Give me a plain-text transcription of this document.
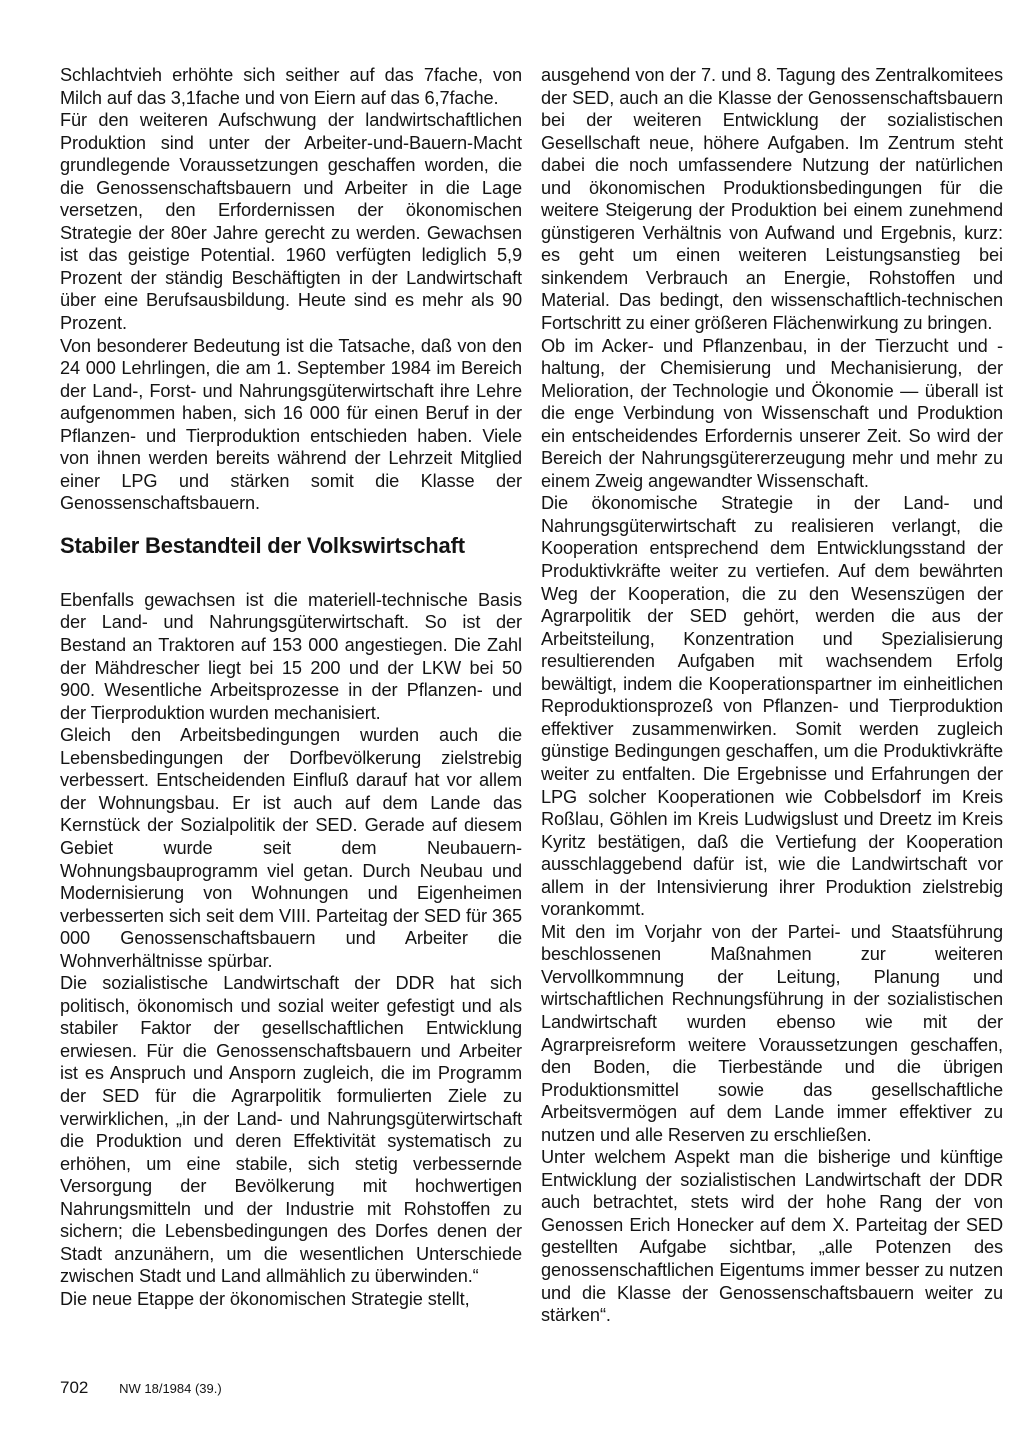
Schlachtvieh erhöhte sich seither auf das 7fache, von Milch auf das 3,1fache und von Eiern auf das 6,7fache.

Für den weiteren Aufschwung der landwirtschaftlichen Produktion sind unter der Arbeiter-und-Bauern-Macht grundlegende Voraussetzungen geschaffen worden, die die Genossenschaftsbauern und Arbeiter in die Lage versetzen, den Erfordernissen der ökonomischen Strategie der 80er Jahre gerecht zu werden. Gewachsen ist das geistige Potential. 1960 verfügten lediglich 5,9 Prozent der ständig Beschäftigten in der Landwirtschaft über eine Berufsausbildung. Heute sind es mehr als 90 Prozent.

Von besonderer Bedeutung ist die Tatsache, daß von den 24 000 Lehrlingen, die am 1. September 1984 im Bereich der Land-, Forst- und Nahrungsgüterwirtschaft ihre Lehre aufgenommen haben, sich 16 000 für einen Beruf in der Pflanzen- und Tierproduktion entschieden haben. Viele von ihnen werden bereits während der Lehrzeit Mitglied einer LPG und stärken somit die Klasse der Genossenschaftsbauern.

Stabiler Bestandteil der Volkswirtschaft

Ebenfalls gewachsen ist die materiell-technische Basis der Land- und Nahrungsgüterwirtschaft. So ist der Bestand an Traktoren auf 153 000 angestiegen. Die Zahl der Mähdrescher liegt bei 15 200 und der LKW bei 50 900. Wesentliche Arbeitsprozesse in der Pflanzen- und der Tierproduktion wurden mechanisiert.

Gleich den Arbeitsbedingungen wurden auch die Lebensbedingungen der Dorfbevölkerung zielstrebig verbessert. Entscheidenden Einfluß darauf hat vor allem der Wohnungsbau. Er ist auch auf dem Lande das Kernstück der Sozialpolitik der SED. Gerade auf diesem Gebiet wurde seit dem Neubauern-Wohnungsbauprogramm viel getan. Durch Neubau und Modernisierung von Wohnungen und Eigenheimen verbesserten sich seit dem VIII. Parteitag der SED für 365 000 Genossenschaftsbauern und Arbeiter die Wohnverhältnisse spürbar.

Die sozialistische Landwirtschaft der DDR hat sich politisch, ökonomisch und sozial weiter gefestigt und als stabiler Faktor der gesellschaftlichen Entwicklung erwiesen. Für die Genossenschaftsbauern und Arbeiter ist es Anspruch und Ansporn zugleich, die im Programm der SED für die Agrarpolitik formulierten Ziele zu verwirklichen, „in der Land- und Nahrungsgüterwirtschaft die Produktion und deren Effektivität systematisch zu erhöhen, um eine stabile, sich stetig verbessernde Versorgung der Bevölkerung mit hochwertigen Nahrungsmitteln und der Industrie mit Rohstoffen zu sichern; die Lebensbedingungen des Dorfes denen der Stadt anzunähern, um die wesentlichen Unterschiede zwischen Stadt und Land allmählich zu überwinden.“

Die neue Etappe der ökonomischen Strategie stellt,

ausgehend von der 7. und 8. Tagung des Zentralkomitees der SED, auch an die Klasse der Genossenschaftsbauern bei der weiteren Entwicklung der sozialistischen Gesellschaft neue, höhere Aufgaben. Im Zentrum steht dabei die noch umfassendere Nutzung der natürlichen und ökonomischen Produktionsbedingungen für die weitere Steigerung der Produktion bei einem zunehmend günstigeren Verhältnis von Aufwand und Ergebnis, kurz: es geht um einen weiteren Leistungsanstieg bei sinkendem Verbrauch an Energie, Rohstoffen und Material. Das bedingt, den wissenschaftlich-technischen Fortschritt zu einer größeren Flächenwirkung zu bringen.

Ob im Acker- und Pflanzenbau, in der Tierzucht und -haltung, der Chemisierung und Mechanisierung, der Melioration, der Technologie und Ökonomie — überall ist die enge Verbindung von Wissenschaft und Produktion ein entscheidendes Erfordernis unserer Zeit. So wird der Bereich der Nahrungsgütererzeugung mehr und mehr zu einem Zweig angewandter Wissenschaft.

Die ökonomische Strategie in der Land- und Nahrungsgüterwirtschaft zu realisieren verlangt, die Kooperation entsprechend dem Entwicklungsstand der Produktivkräfte weiter zu vertiefen. Auf dem bewährten Weg der Kooperation, die zu den Wesenszügen der Agrarpolitik der SED gehört, werden die aus der Arbeitsteilung, Konzentration und Spezialisierung resultierenden Aufgaben mit wachsendem Erfolg bewältigt, indem die Kooperationspartner im einheitlichen Reproduktionsprozeß von Pflanzen- und Tierproduktion effektiver zusammenwirken. Somit werden zugleich günstige Bedingungen geschaffen, um die Produktivkräfte weiter zu entfalten. Die Ergebnisse und Erfahrungen der LPG solcher Kooperationen wie Cobbelsdorf im Kreis Roßlau, Göhlen im Kreis Ludwigslust und Dreetz im Kreis Kyritz bestätigen, daß die Vertiefung der Kooperation ausschlaggebend dafür ist, wie die Landwirtschaft vor allem in der Intensivierung ihrer Produktion zielstrebig vorankommt.

Mit den im Vorjahr von der Partei- und Staatsführung beschlossenen Maßnahmen zur weiteren Vervollkommnung der Leitung, Planung und wirtschaftlichen Rechnungsführung in der sozialistischen Landwirtschaft wurden ebenso wie mit der Agrarpreisreform weitere Voraussetzungen geschaffen, den Boden, die Tierbestände und die übrigen Produktionsmittel sowie das gesellschaftliche Arbeitsvermögen auf dem Lande immer effektiver zu nutzen und alle Reserven zu erschließen.

Unter welchem Aspekt man die bisherige und künftige Entwicklung der sozialistischen Landwirtschaft der DDR auch betrachtet, stets wird der hohe Rang der von Genossen Erich Honecker auf dem X. Parteitag der SED gestellten Aufgabe sichtbar, „alle Potenzen des genossenschaftlichen Eigentums immer besser zu nutzen und die Klasse der Genossenschaftsbauern weiter zu stärken“.

702 NW 18/1984 (39.)
